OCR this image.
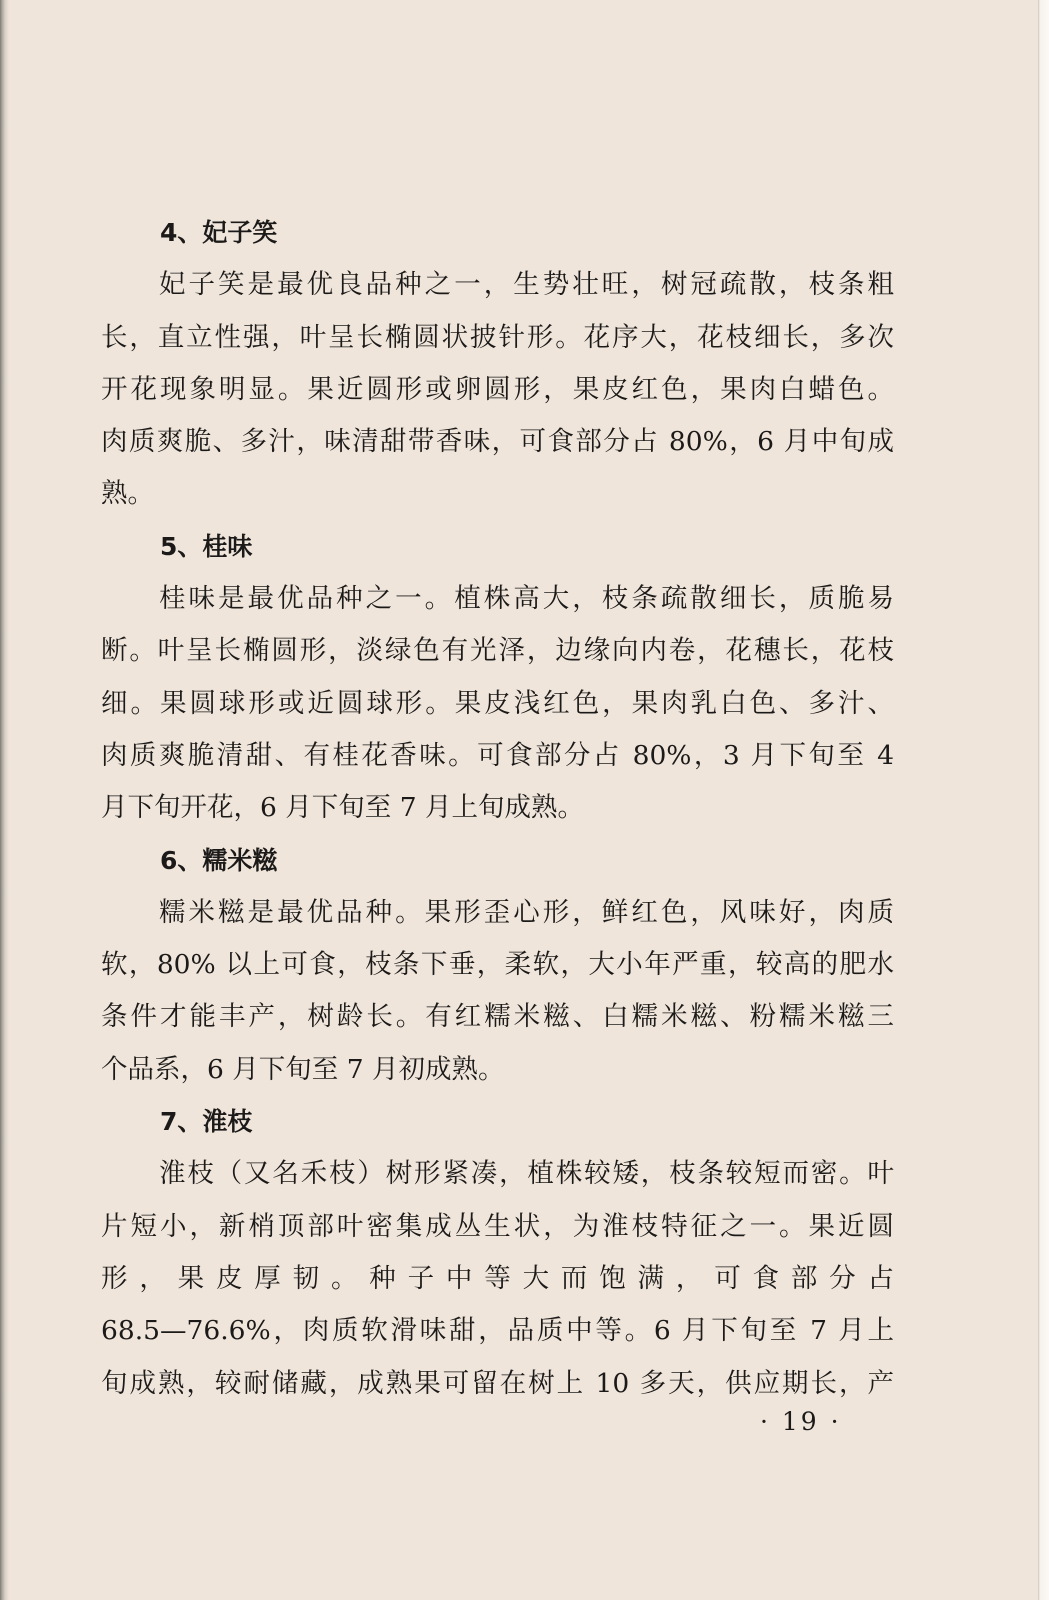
4、妃子笑
妃子笑是最优良品种之一，生势壮旺，树冠疏散，枝条粗
长，直立性强，叶呈长椭圆状披针形。花序大，花枝细长，多次
开花现象明显。果近圆形或卵圆形，果皮红色，果肉白蜡色。
肉质爽脆、多汁，味清甜带香味，可食部分占 80%，6 月中旬成
熟。
5、桂味
桂味是最优品种之一。植株高大，枝条疏散细长，质脆易
断。叶呈长椭圆形，淡绿色有光泽，边缘向内卷，花穗长，花枝
细。果圆球形或近圆球形。果皮浅红色，果肉乳白色、多汁、
肉质爽脆清甜、有桂花香味。可食部分占 80%，3 月下旬至 4
月下旬开花，6 月下旬至 7 月上旬成熟。
6、糯米糍
糯米糍是最优品种。果形歪心形，鲜红色，风味好，肉质
软，80% 以上可食，枝条下垂，柔软，大小年严重，较高的肥水
条件才能丰产，树龄长。有红糯米糍、白糯米糍、粉糯米糍三
个品系，6 月下旬至 7 月初成熟。
7、淮枝
淮枝（又名禾枝）树形紧凑，植株较矮，枝条较短而密。叶
片短小，新梢顶部叶密集成丛生状，为淮枝特征之一。果近圆
形，果皮厚韧。种子中等大而饱满，可食部分占
68.5—76.6%，肉质软滑味甜，品质中等。6 月下旬至 7 月上
旬成熟，较耐储藏，成熟果可留在树上 10 多天，供应期长，产
· 19 ·
